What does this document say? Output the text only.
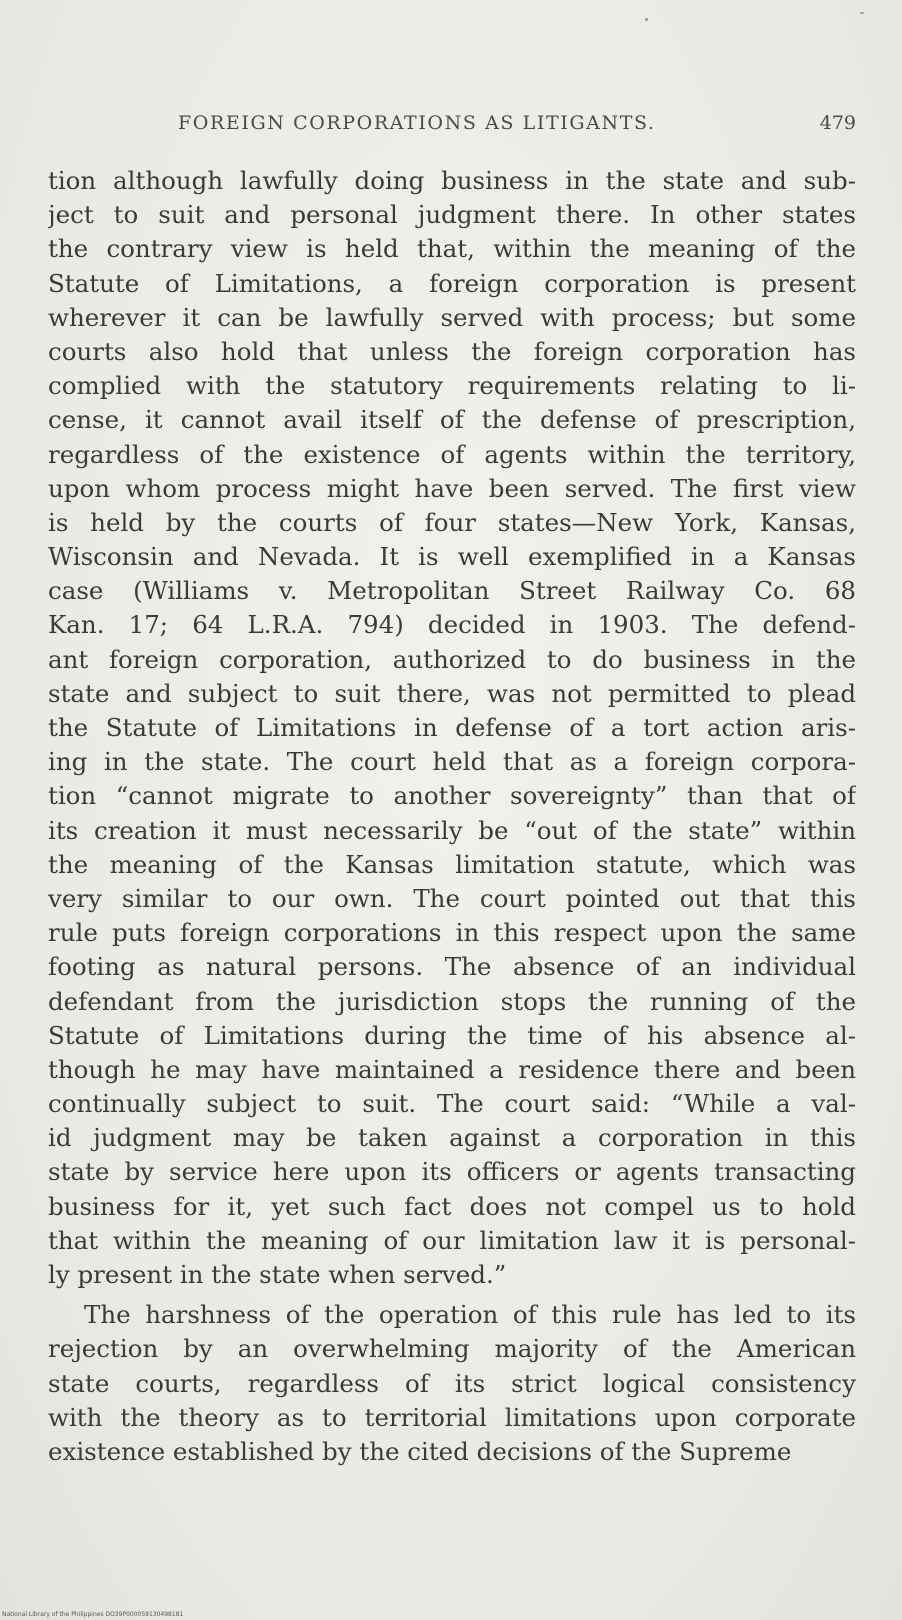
FOREIGN CORPORATIONS AS LITIGANTS.	479
tion although lawfully doing business in the state and sub-
ject to suit and personal judgment there. In other states
the contrary view is held that, within the meaning of the
Statute of Limitations, a foreign corporation is present
wherever it can be lawfully served with process; but some
courts also hold that unless the foreign corporation has
complied with the statutory requirements relating to li-
cense, it cannot avail itself of the defense of prescription,
regardless of the existence of agents within the territory,
upon whom process might have been served. The first view
is held by the courts of four states—New York, Kansas,
Wisconsin and Nevada. It is well exemplified in a Kansas
case (Williams v. Metropolitan Street Railway Co. 68
Kan. 17; 64 L.R.A. 794) decided in 1903. The defend-
ant foreign corporation, authorized to do business in the
state and subject to suit there, was not permitted to plead
the Statute of Limitations in defense of a tort action aris-
ing in the state. The court held that as a foreign corpora-
tion “cannot migrate to another sovereignty” than that of
its creation it must necessarily be “out of the state” within
the meaning of the Kansas limitation statute, which was
very similar to our own. The court pointed out that this
rule puts foreign corporations in this respect upon the same
footing as natural persons. The absence of an individual
defendant from the jurisdiction stops the running of the
Statute of Limitations during the time of his absence al-
though he may have maintained a residence there and been
continually subject to suit. The court said: “While a val-
id judgment may be taken against a corporation in this
state by service here upon its officers or agents transacting
business for it, yet such fact does not compel us to hold
that within the meaning of our limitation law it is personal-
ly present in the state when served.”
The harshness of the operation of this rule has led to its
rejection by an overwhelming majority of the American
state courts, regardless of its strict logical consistency
with the theory as to territorial limitations upon corporate
existence established by the cited decisions of the Supreme
National Library of the Philippines DO39P000059130498181
